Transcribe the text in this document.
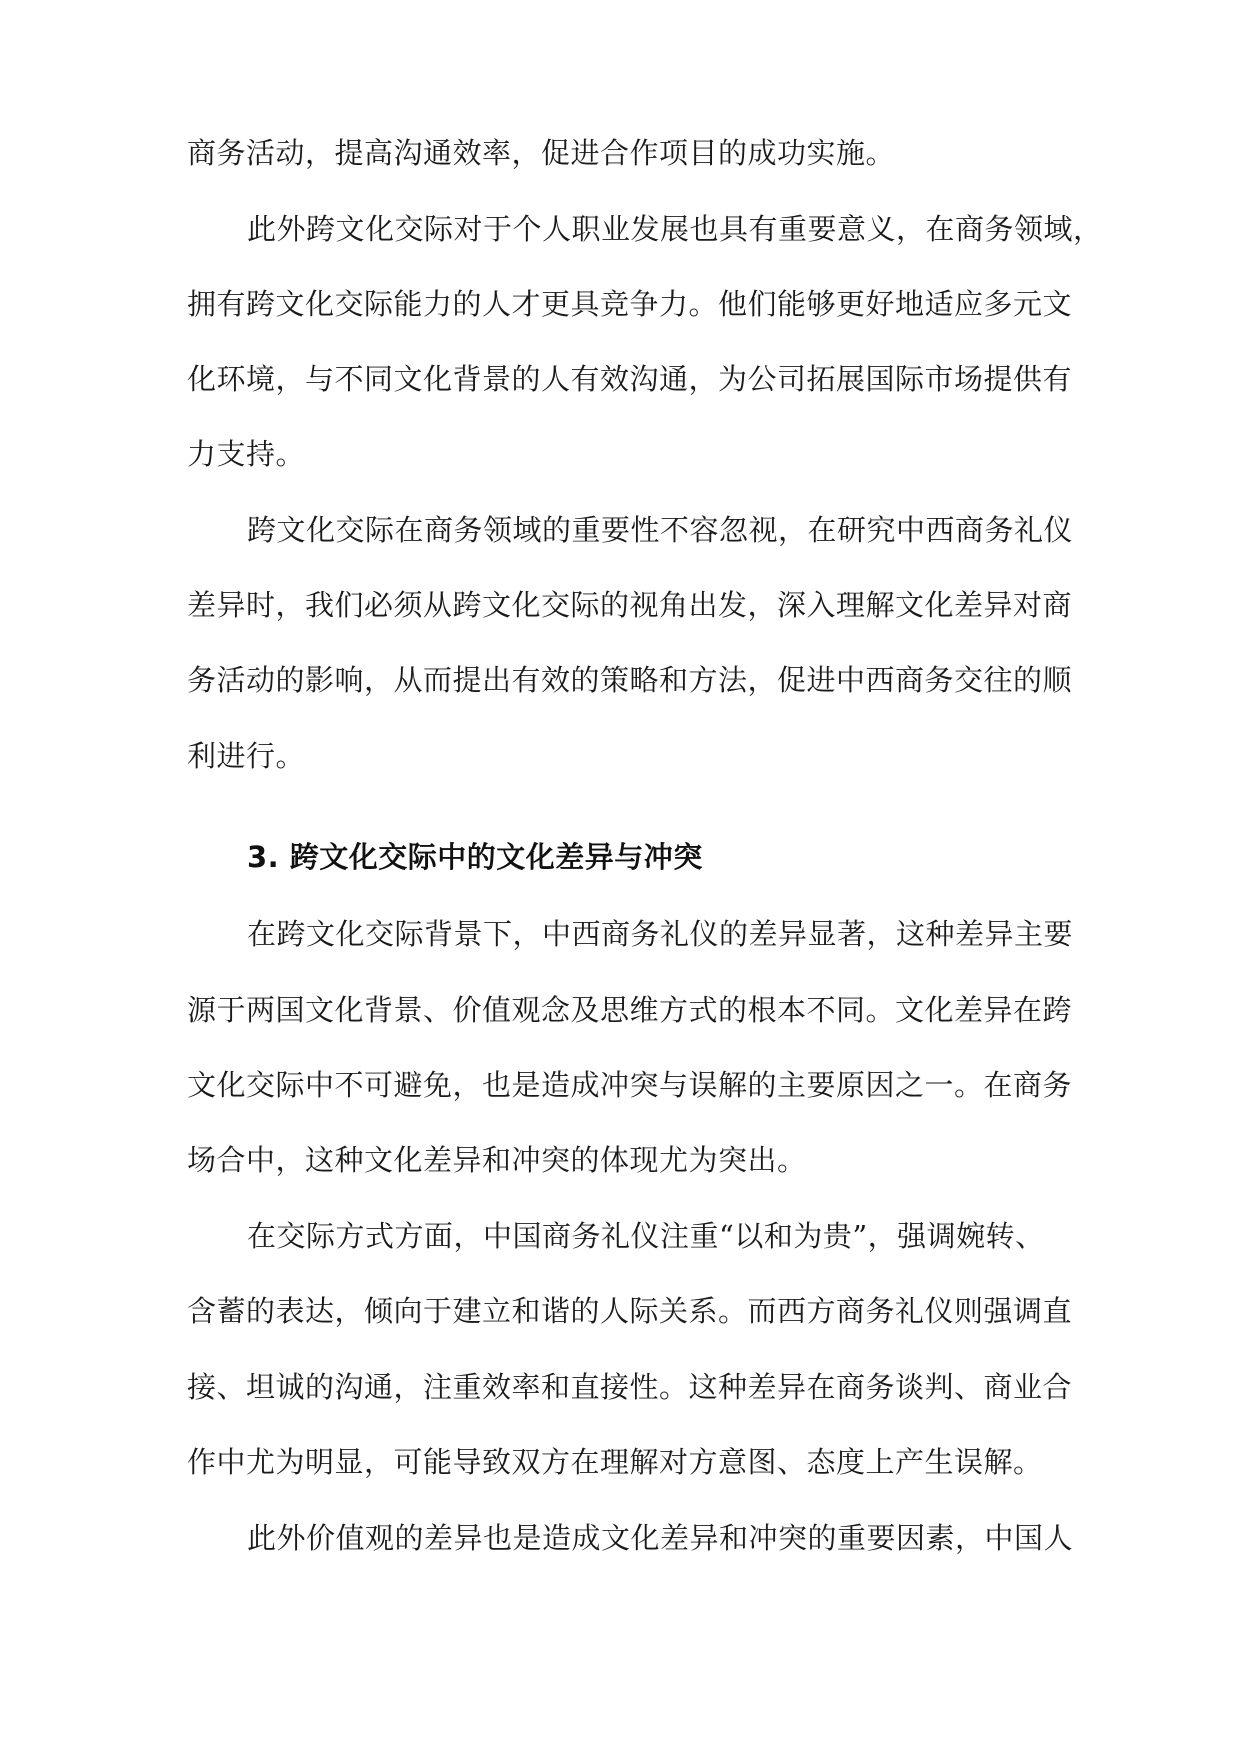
商务活动，提高沟通效率，促进合作项目的成功实施。

此外跨文化交际对于个人职业发展也具有重要意义，在商务领域，

拥有跨文化交际能力的人才更具竞争力。他们能够更好地适应多元文

化环境，与不同文化背景的人有效沟通，为公司拓展国际市场提供有

力支持。

跨文化交际在商务领域的重要性不容忽视，在研究中西商务礼仪

差异时，我们必须从跨文化交际的视角出发，深入理解文化差异对商

务活动的影响，从而提出有效的策略和方法，促进中西商务交往的顺

利进行。

3. 跨文化交际中的文化差异与冲突

在跨文化交际背景下，中西商务礼仪的差异显著，这种差异主要

源于两国文化背景、价值观念及思维方式的根本不同。文化差异在跨

文化交际中不可避免，也是造成冲突与误解的主要原因之一。在商务

场合中，这种文化差异和冲突的体现尤为突出。

在交际方式方面，中国商务礼仪注重“以和为贵”，强调婉转、

含蓄的表达，倾向于建立和谐的人际关系。而西方商务礼仪则强调直

接、坦诚的沟通，注重效率和直接性。这种差异在商务谈判、商业合

作中尤为明显，可能导致双方在理解对方意图、态度上产生误解。

此外价值观的差异也是造成文化差异和冲突的重要因素，中国人
